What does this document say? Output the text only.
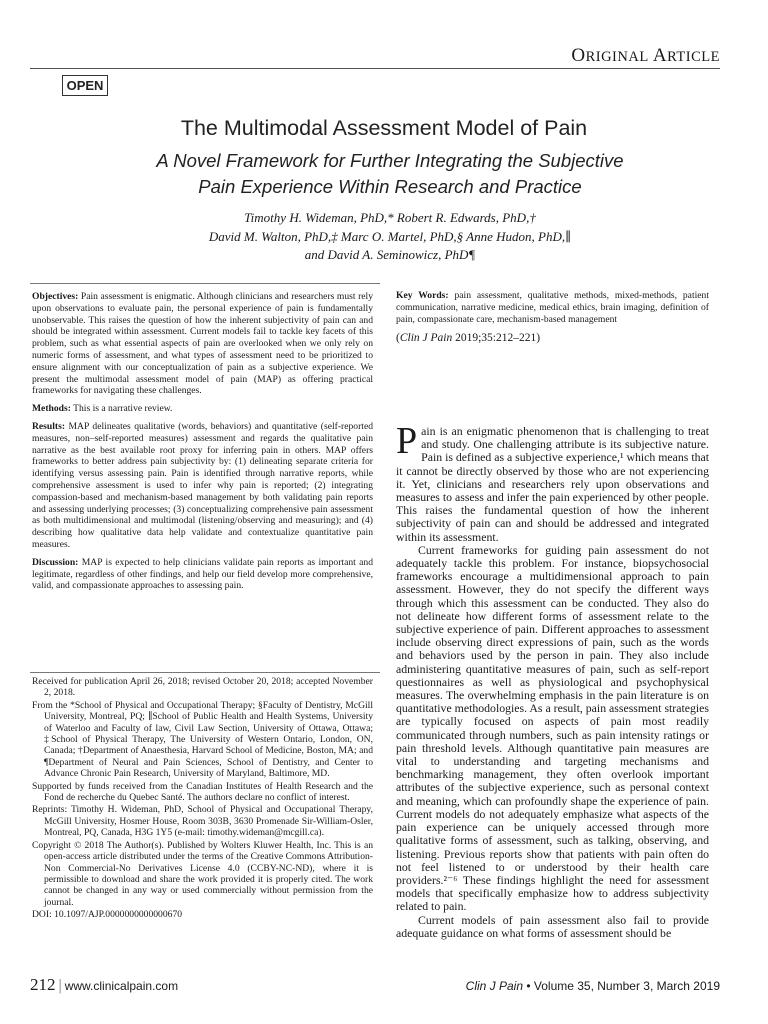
ORIGINAL ARTICLE
OPEN
The Multimodal Assessment Model of Pain
A Novel Framework for Further Integrating the Subjective Pain Experience Within Research and Practice
Timothy H. Wideman, PhD,* Robert R. Edwards, PhD,†
David M. Walton, PhD,‡ Marc O. Martel, PhD,§ Anne Hudon, PhD,∥
and David A. Seminowicz, PhD¶

Objectives: Pain assessment is enigmatic. Although clinicians and researchers must rely upon observations to evaluate pain, the personal experience of pain is fundamentally unobservable. This raises the question of how the inherent subjectivity of pain can and should be integrated within assessment. Current models fail to tackle key facets of this problem, such as what essential aspects of pain are overlooked when we only rely on numeric forms of assessment, and what types of assessment need to be prioritized to ensure alignment with our conceptualization of pain as a subjective experience. We present the multimodal assessment model of pain (MAP) as offering practical frameworks for navigating these challenges.

Methods: This is a narrative review.

Results: MAP delineates qualitative (words, behaviors) and quantitative (self-reported measures, non–self-reported measures) assessment and regards the qualitative pain narrative as the best available root proxy for inferring pain in others. MAP offers frameworks to better address pain subjectivity by: (1) delineating separate criteria for identifying versus assessing pain. Pain is identified through narrative reports, while comprehensive assessment is used to infer why pain is reported; (2) integrating compassion-based and mechanism-based management by both validating pain reports and assessing underlying processes; (3) conceptualizing comprehensive pain assessment as both multidimensional and multimodal (listening/observing and measuring); and (4) describing how qualitative data help validate and contextualize quantitative pain measures.

Discussion: MAP is expected to help clinicians validate pain reports as important and legitimate, regardless of other findings, and help our field develop more comprehensive, valid, and compassionate approaches to assessing pain.

Key Words: pain assessment, qualitative methods, mixed-methods, patient communication, narrative medicine, medical ethics, brain imaging, definition of pain, compassionate care, mechanism-based management

(Clin J Pain 2019;35:212–221)

Pain is an enigmatic phenomenon that is challenging to treat and study. One challenging attribute is its subjective nature. Pain is defined as a subjective experience,¹ which means that it cannot be directly observed by those who are not experiencing it. Yet, clinicians and researchers rely upon observations and measures to assess and infer the pain experienced by other people. This raises the fundamental question of how the inherent subjectivity of pain can and should be addressed and integrated within its assessment.

Current frameworks for guiding pain assessment do not adequately tackle this problem. For instance, biopsychosocial frameworks encourage a multidimensional approach to pain assessment. However, they do not specify the different ways through which this assessment can be conducted. They also do not delineate how different forms of assessment relate to the subjective experience of pain. Different approaches to assessment include observing direct expressions of pain, such as the words and behaviors used by the person in pain. They also include administering quantitative measures of pain, such as self-report questionnaires as well as physiological and psychophysical measures. The overwhelming emphasis in the pain literature is on quantitative methodologies. As a result, pain assessment strategies are typically focused on aspects of pain most readily communicated through numbers, such as pain intensity ratings or pain threshold levels. Although quantitative pain measures are vital to understanding and targeting mechanisms and benchmarking management, they often overlook important attributes of the subjective experience, such as personal context and meaning, which can profoundly shape the experience of pain. Current models do not adequately emphasize what aspects of the pain experience can be uniquely accessed through more qualitative forms of assessment, such as talking, observing, and listening. Previous reports show that patients with pain often do not feel listened to or understood by their health care providers.²⁻⁶ These findings highlight the need for assessment models that specifically emphasize how to address subjectivity related to pain.

Current models of pain assessment also fail to provide adequate guidance on what forms of assessment should be

Received for publication April 26, 2018; revised October 20, 2018; accepted November 2, 2018.
From the *School of Physical and Occupational Therapy; §Faculty of Dentistry, McGill University, Montreal, PQ; ∥School of Public Health and Health Systems, University of Waterloo and Faculty of law, Civil Law Section, University of Ottawa, Ottawa; ‡School of Physical Therapy, The University of Western Ontario, London, ON, Canada; †Department of Anaesthesia, Harvard School of Medicine, Boston, MA; and ¶Department of Neural and Pain Sciences, School of Dentistry, and Center to Advance Chronic Pain Research, University of Maryland, Baltimore, MD.
Supported by funds received from the Canadian Institutes of Health Research and the Fond de recherche du Quebec Santé. The authors declare no conflict of interest.
Reprints: Timothy H. Wideman, PhD, School of Physical and Occupational Therapy, McGill University, Hosmer House, Room 303B, 3630 Promenade Sir-William-Osler, Montreal, PQ, Canada, H3G 1Y5 (e-mail: timothy.wideman@mcgill.ca).
Copyright © 2018 The Author(s). Published by Wolters Kluwer Health, Inc. This is an open-access article distributed under the terms of the Creative Commons Attribution-Non Commercial-No Derivatives License 4.0 (CCBY-NC-ND), where it is permissible to download and share the work provided it is properly cited. The work cannot be changed in any way or used commercially without permission from the journal.
DOI: 10.1097/AJP.0000000000000670
212 | www.clinicalpain.com	Clin J Pain • Volume 35, Number 3, March 2019
